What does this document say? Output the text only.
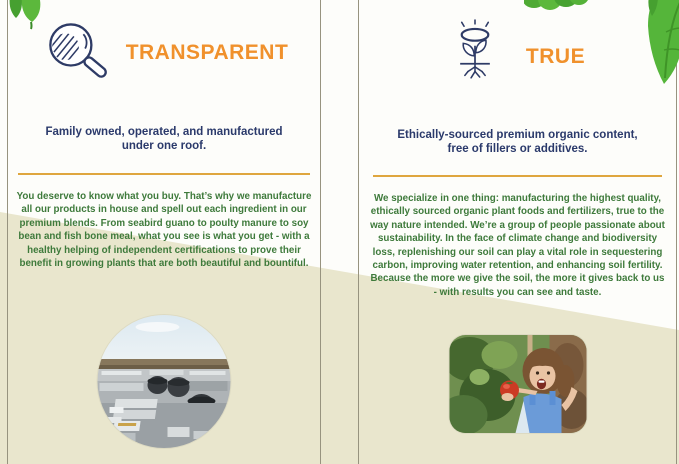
TRANSPARENT
Family owned, operated, and manufactured under one roof.
You deserve to know what you buy. That’s why we manufacture all our products in house and spell out each ingredient in our premium blends. From seabird guano to poulty manure to soy bean and fish bone meal, what you see is what you get - with a healthy helping of independent certifications to prove their benefit in growing plants that are both beautiful and bountiful.
TRUE
Ethically-sourced premium organic content, free of fillers or additives.
We specialize in one thing: manufacturing the highest quality, ethically sourced organic plant foods and fertilizers, true to the way nature intended. We’re a group of people passionate about sustainability. In the face of climate change and biodiversity loss, replenishing our soil can play a vital role in sequestering carbon, improving water retention, and enhancing soil fertility. Because the more we give the soil, the more it gives back to us - with results you can see and taste.
